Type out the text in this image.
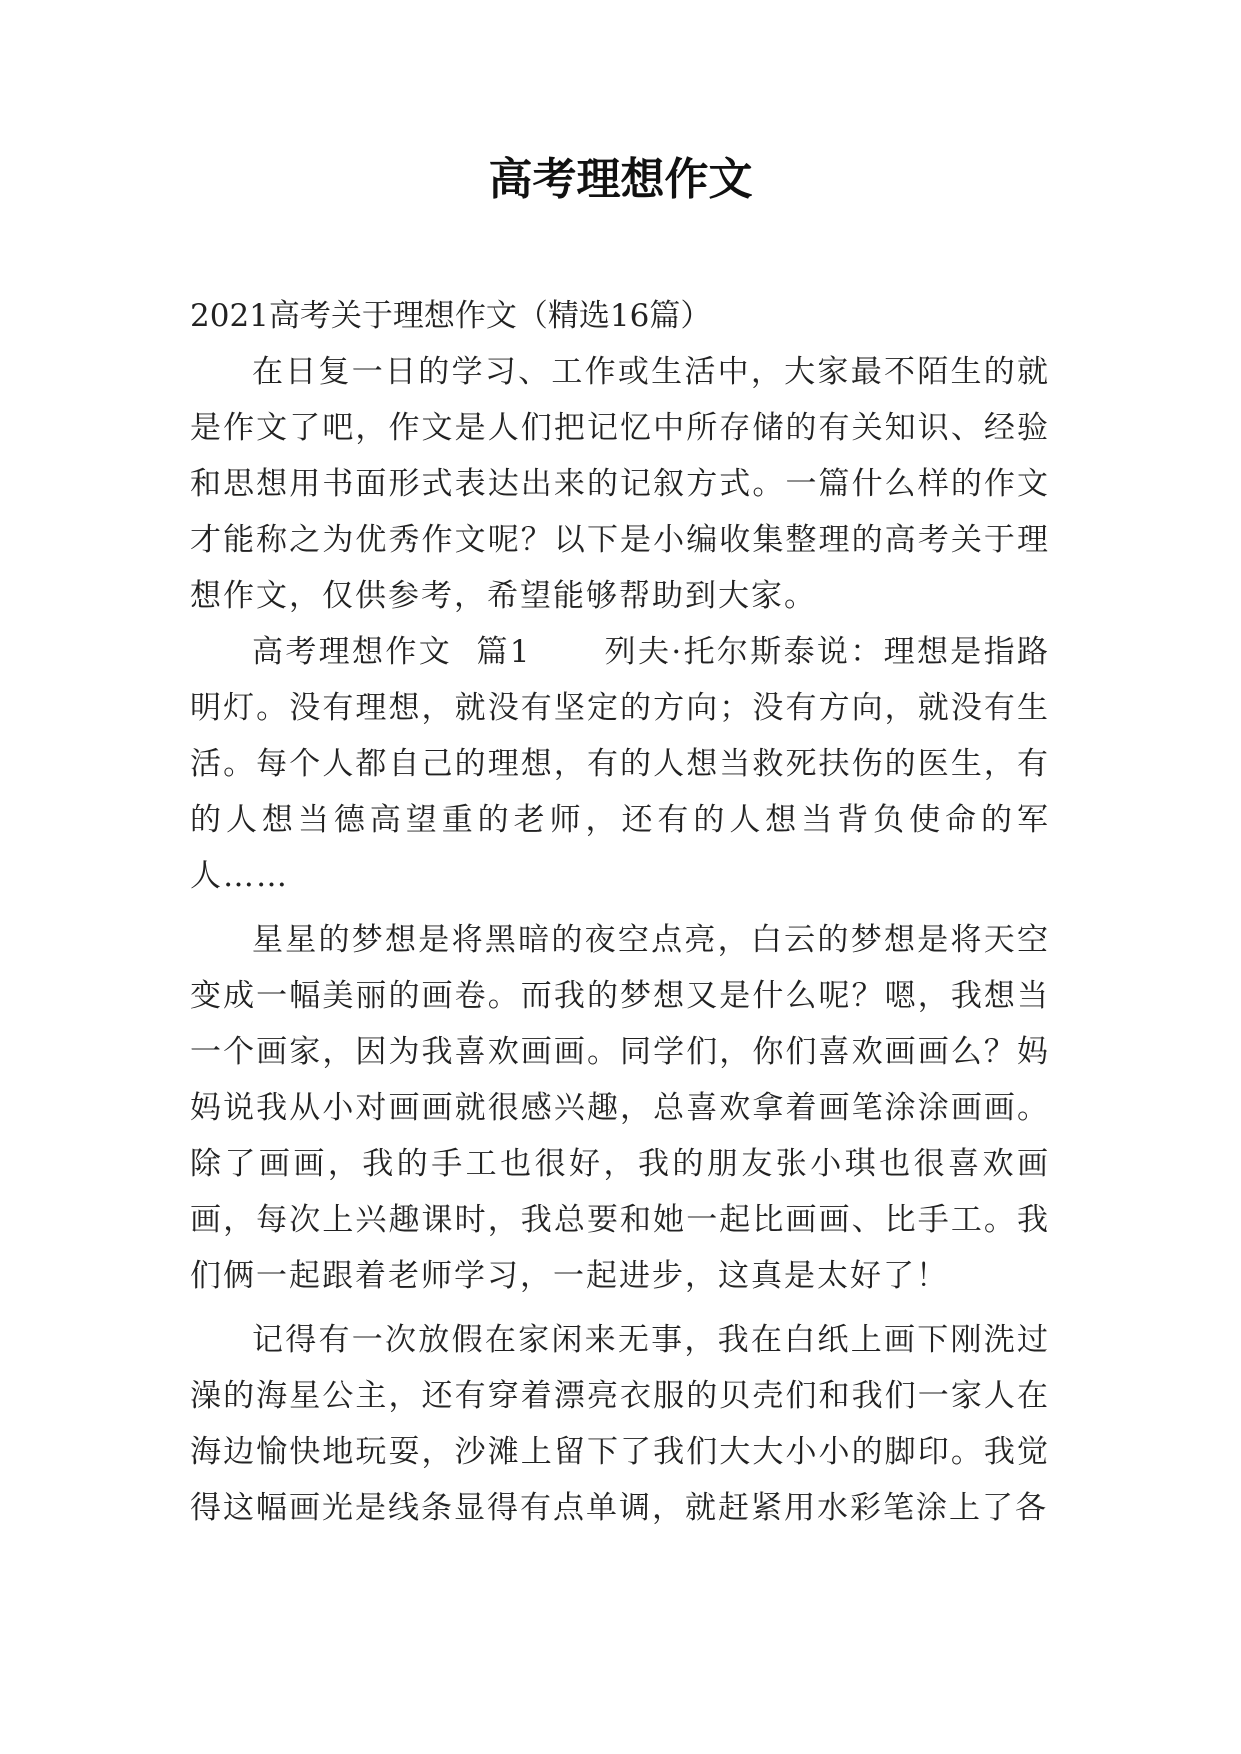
高考理想作文

2021高考关于理想作文（精选16篇）

在日复一日的学习、工作或生活中，大家最不陌生的就是作文了吧，作文是人们把记忆中所存储的有关知识、经验和思想用书面形式表达出来的记叙方式。一篇什么样的作文才能称之为优秀作文呢？以下是小编收集整理的高考关于理想作文，仅供参考，希望能够帮助到大家。

高考理想作文  篇1      列夫·托尔斯泰说：理想是指路明灯。没有理想，就没有坚定的方向；没有方向，就没有生活。每个人都自己的理想，有的人想当救死扶伤的医生，有的人想当德高望重的老师，还有的人想当背负使命的军人……

星星的梦想是将黑暗的夜空点亮，白云的梦想是将天空变成一幅美丽的画卷。而我的梦想又是什么呢？嗯，我想当一个画家，因为我喜欢画画。同学们，你们喜欢画画么？妈妈说我从小对画画就很感兴趣，总喜欢拿着画笔涂涂画画。除了画画，我的手工也很好，我的朋友张小琪也很喜欢画画，每次上兴趣课时，我总要和她一起比画画、比手工。我们俩一起跟着老师学习，一起进步，这真是太好了！

记得有一次放假在家闲来无事，我在白纸上画下刚洗过澡的海星公主，还有穿着漂亮衣服的贝壳们和我们一家人在海边愉快地玩耍，沙滩上留下了我们大大小小的脚印。我觉得这幅画光是线条显得有点单调，就赶紧用水彩笔涂上了各
